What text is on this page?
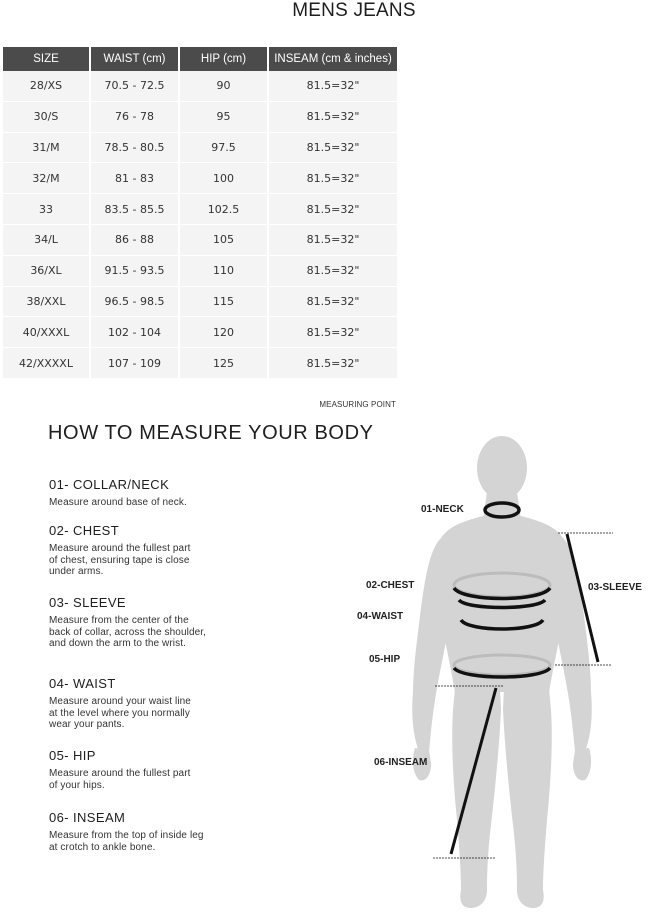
MENS JEANS
SIZE	WAIST (cm)	HIP (cm)	INSEAM (cm & inches)
28/XS	70.5 - 72.5	90	81.5=32"
30/S	76 - 78	95	81.5=32"
31/M	78.5 - 80.5	97.5	81.5=32"
32/M	81 - 83	100	81.5=32"
33	83.5 - 85.5	102.5	81.5=32"
34/L	86 - 88	105	81.5=32"
36/XL	91.5 - 93.5	110	81.5=32"
38/XXL	96.5 - 98.5	115	81.5=32"
40/XXXL	102 - 104	120	81.5=32"
42/XXXXL	107 - 109	125	81.5=32"
MEASURING POINT
HOW TO MEASURE YOUR BODY
01- COLLAR/NECK
Measure around base of neck.
02- CHEST
Measure around the fullest part of chest, ensuring tape is close under arms.
03- SLEEVE
Measure from the center of the back of collar, across the shoulder, and down the arm to the wrist.
04- WAIST
Measure around your waist line at the level where you normally wear your pants.
05- HIP
Measure around the fullest part of your hips.
06- INSEAM
Measure from the top of inside leg at crotch to ankle bone.
01-NECK
02-CHEST	03-SLEEVE
04-WAIST
05-HIP
06-INSEAM
